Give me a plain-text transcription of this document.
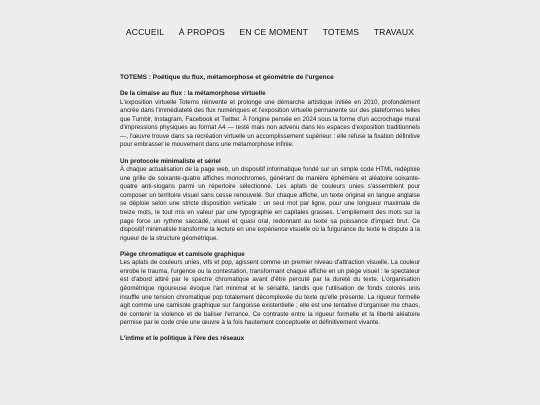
ACCUEIL À PROPOS EN CE MOMENT TOTEMS TRAVAUX
TOTEMS : Poétique du flux, métamorphose et géométrie de l'urgence
De la cimaise au flux : la métamorphose virtuelle

L'exposition virtuelle Totems réinvente et prolonge une démarche artistique initiée en 2010, profondément ancrée dans l'immédiateté des flux numériques et l'exposition virtuelle permanente sur des plateformes telles que Tumblr, Instagram, Facebook et Twitter. À l'origine pensée en 2024 sous la forme d'un accrochage mural d'impressions physiques au format A4 — testé mais non advenu dans les espaces d'exposition traditionnels —, l'œuvre trouve dans sa recréation virtuelle un accomplissement supérieur : elle refuse la fixation définitive pour embrasser le mouvement dans une métamorphose infinie.

Un protocole minimaliste et sériel

À chaque actualisation de la page web, un dispositif informatique fondé sur un simple code HTML redéploie une grille de soixante-quatre affiches monochromes, générant de manière éphémère et aléatoire soixante-quatre anti-slogans parmi un répertoire sélectionné. Les aplats de couleurs unies s'assemblent pour composer un territoire visuel sans cesse renouvelé. Sur chaque affiche, un texte original en langue anglaise se déploie selon une stricte disposition verticale : un seul mot par ligne, pour une longueur maximale de treize mots, le tout mis en valeur par une typographie en capitales grasses. L'empilement des mots sur la page force un rythme saccadé, visuel et quasi oral, redonnant au texte sa puissance d'impact brut. Ce dispositif minimaliste transforme la lecture en une expérience visuelle où la fulgurance du texte le dispute à la rigueur de la structure géométrique.

Piège chromatique et camisole graphique

Les aplats de couleurs unies, vifs et pop, agissent comme un premier niveau d'attraction visuelle. La couleur enrobe le trauma, l'urgence ou la contestation, transformant chaque affiche en un piège visuel : le spectateur est d'abord attiré par le spectre chromatique avant d'être percuté par la dureté du texte. L'organisation géométrique rigoureuse évoque l'art minimal et le sérialité, tandis que l'utilisation de fonds colorés unis insuffle une tension chromatique pop totalement décomplexée du texte qu'elle présente. La rigueur formelle agit comme une camisole graphique sur l'angoisse existentielle ; elle est une tentative d'organiser me chaos, de contenir la violence et de baliser l'errance. Ce contraste entre la rigueur formelle et la liberté aléatoire permise par le code crée une œuvre à la fois hautement conceptuelle et définitivement vivante.

L'intime et le politique à l'ère des réseaux
